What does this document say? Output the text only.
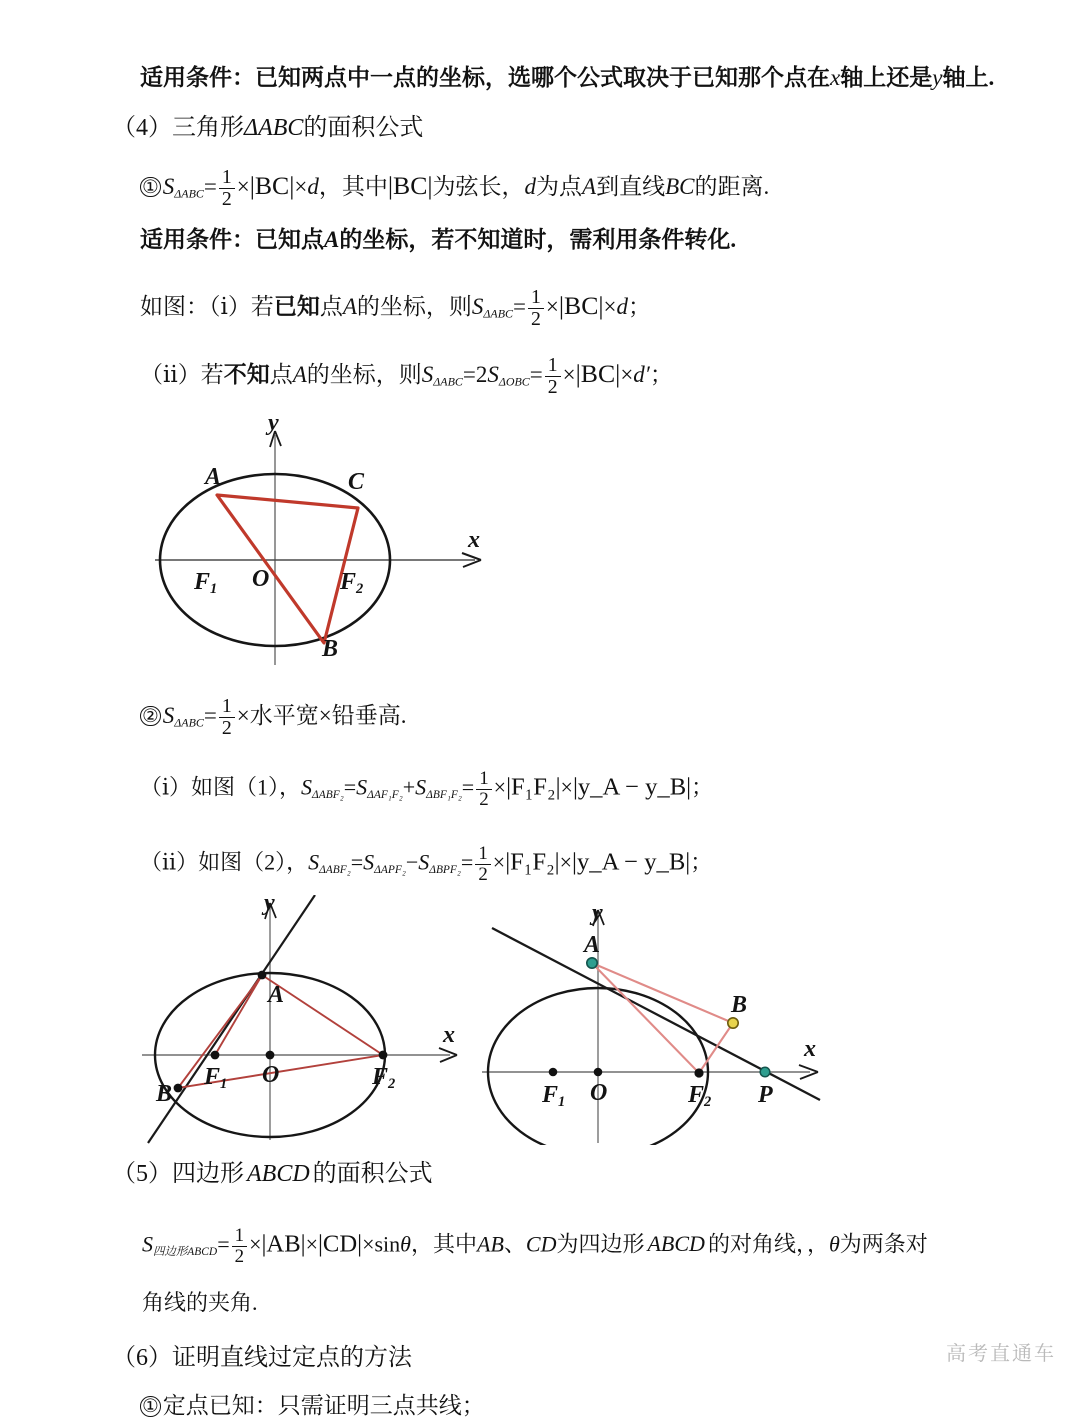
适用条件：已知两点中一点的坐标，选哪个公式取决于已知那个点在x轴上还是y轴上.
（4）三角形ΔABC的面积公式
① $S\Delta ABC= \frac{1}{2} \times|BC|\times d$，其中|BC|为弦长，d为点A到直线BC的距离.
适用条件：已知点A的坐标，若不知道时，需利用条件转化.
如图：（ⅰ）若已知点A的坐标，则$S\Delta ABC= \frac{1}{2} \times|BC|\times d$；
（ⅱ）若不知点A的坐标，则$S\Delta ABC=2S\Delta OBC= \frac{1}{2} \times|BC|\times d'$；
A	C
B
O
F1	F2
y
x
② $S\Delta ABC= \frac{1}{2}$ ×水平宽×铅垂高.
（ⅰ）如图（1），$S\Delta ABF_2=S\Delta AF_1F_2+S\Delta BF_1F_2= \frac{1}{2}$ ×|F₁F₂|×|y_A − y_B|；
（ⅱ）如图（2），$S\Delta ABF_2=S\Delta APF_2-S\Delta BPF_2= \frac{1}{2}$ ×|F₁F₂|×|y_A − y_B|；
y
x
A
B
O
F1	F2
y
x
A
B
O
F1	F2 P
（5）四边形 ABCD 的面积公式
S四边形ABCD= $\frac{1}{2} \times|AB|\times|CD|\times\sin\theta$，其中AB、CD为四边形 ABCD 的对角线，，θ为两条对
角线的夹角.
（6）证明直线过定点的方法
① 定点已知：只需证明三点共线；
高考直通车
